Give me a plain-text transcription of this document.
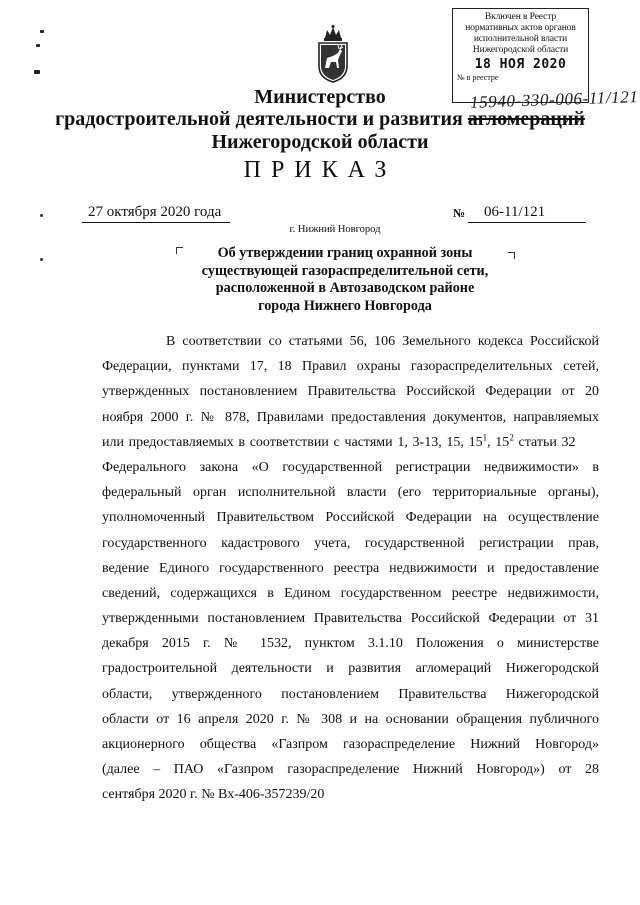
Включен в Реестр
нормативных актов органов
исполнительной власти
Нижегородской области
18 НОЯ 2020
№ в реестре
15940-330-006-11/121
Министерство
градостроительной деятельности и развития агломераций
Нижегородской области
ПРИКАЗ
27 октября 2020 года	№ 06-11/121
г. Нижний Новгород
Об утверждении границ охранной зоны
существующей газораспределительной сети,
расположенной в Автозаводском районе
города Нижнего Новгорода
В соответствии со статьями 56, 106 Земельного кодекса Российской
Федерации, пунктами 17, 18 Правил охраны газораспределительных сетей,
утвержденных постановлением Правительства Российской Федерации от 20
ноября 2000 г. № 878, Правилами предоставления документов, направляемых
или предоставляемых в соответствии с частями 1, 3-13, 15, $15^1$, $15^2$ статьи 32
Федерального закона «О государственной регистрации недвижимости» в
федеральный орган исполнительной власти (его территориальные органы),
уполномоченный Правительством Российской Федерации на осуществление
государственного кадастрового учета, государственной регистрации прав,
ведение Единого государственного реестра недвижимости и предоставление
сведений, содержащихся в Едином государственном реестре недвижимости,
утвержденными постановлением Правительства Российской Федерации от 31
декабря 2015 г. № 1532, пунктом 3.1.10 Положения о министерстве
градостроительной деятельности и развития агломераций Нижегородской
области, утвержденного постановлением Правительства Нижегородской
области от 16 апреля 2020 г. № 308 и на основании обращения публичного
акционерного общества «Газпром газораспределение Нижний Новгород»
(далее – ПАО «Газпром газораспределение Нижний Новгород») от 28
сентября 2020 г. № Вх-406-357239/20
